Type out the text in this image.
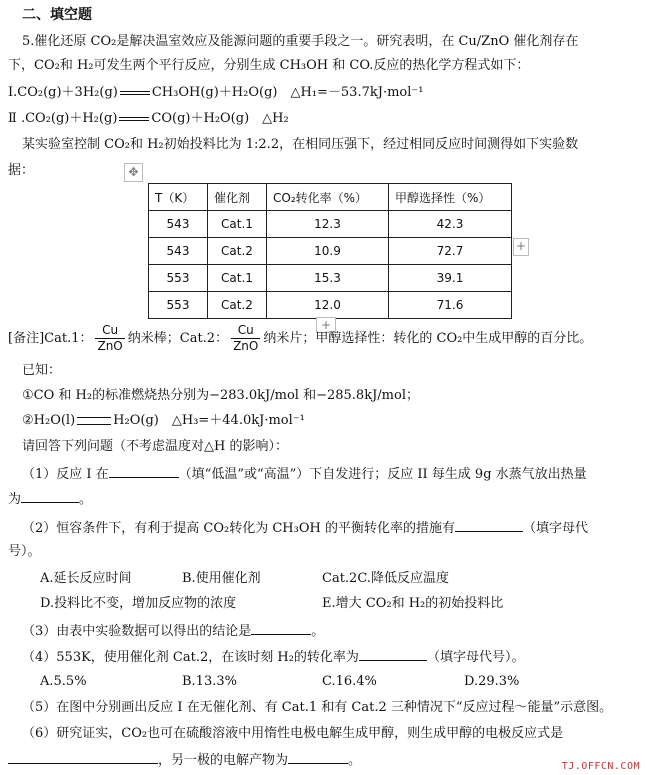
二、填空题
5.催化还原 CO₂是解决温室效应及能源问题的重要手段之一。研究表明，在 Cu/ZnO 催化剂存在
下，CO₂和 H₂可发生两个平行反应，分别生成 CH₃OH 和 CO.反应的热化学方程式如下：
I.CO₂(g)＋3H₂(g)	CH₃OH(g)＋H₂O(g)　△H₁=－53.7kJ·mol⁻¹
Ⅱ .CO₂(g)＋H₂(g)	CO(g)＋H₂O(g)　△H₂
某实验室控制 CO₂和 H₂初始投料比为 1:2.2，在相同压强下，经过相同反应时间测得如下实验数
据：	✥
T（K）	催化剂	CO₂转化率（%）	甲醇选择性（%）
543	Cat.1	12.3	42.3
543	Cat.2	10.9	72.7
553	Cat.1	15.3	39.1
553	Cat.2	12.0	71.6
+
+
[备注]Cat.1： $\frac{Cu}{\text{ZnO}}$ 纳米棒；Cat.2： $\frac{Cu}{\text{ZnO}}$ 纳米片；甲醇选择性：转化的 CO₂中生成甲醇的百分比。
已知：
①CO 和 H₂的标准燃烧热分别为−283.0kJ/mol 和−285.8kJ/mol；
②H₂O(l)	H₂O(g)　△H₃=＋44.0kJ·mol⁻¹
请回答下列问题（不考虑温度对△H 的影响）：
（1）反应 I 在	（填“低温”或“高温”）下自发进行；反应 II 每生成 9g 水蒸气放出热量
为	。
（2）恒容条件下，有利于提高 CO₂转化为 CH₃OH 的平衡转化率的措施有	（填字母代
号）。
A.延长反应时间	B.使用催化剂	Cat.2C.降低反应温度
D.投料比不变，增加反应物的浓度	E.增大 CO₂和 H₂的初始投料比
（3）由表中实验数据可以得出的结论是	。
（4）553K，使用催化剂 Cat.2，在该时刻 H₂的转化率为	（填字母代号）。
A.5.5%	B.13.3%	C.16.4%	D.29.3%
（5）在图中分别画出反应 I 在无催化剂、有 Cat.1 和有 Cat.2 三种情况下“反应过程～能量”示意图。
（6）研究证实，CO₂也可在硫酸溶液中用惰性电极电解生成甲醇，则生成甲醇的电极反应式是
，另一极的电解产物为	。	TJ.OFFCN.COM
